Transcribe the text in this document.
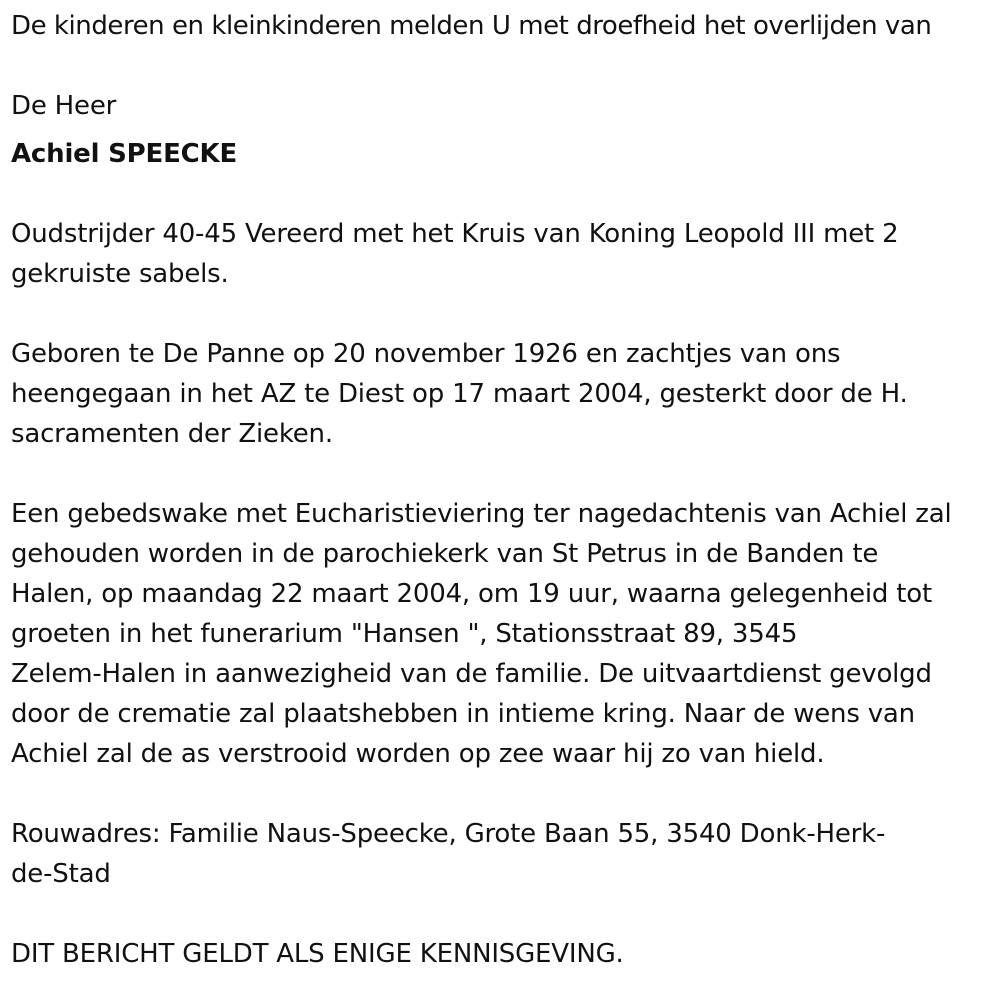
De kinderen en kleinkinderen melden U met droefheid het overlijden van

De Heer

Achiel SPEECKE

Oudstrijder 40-45 Vereerd met het Kruis van Koning Leopold III met 2

gekruiste sabels.

Geboren te De Panne op 20 november 1926 en zachtjes van ons

heengegaan in het AZ te Diest op 17 maart 2004, gesterkt door de H.

sacramenten der Zieken.

Een gebedswake met Eucharistieviering ter nagedachtenis van Achiel zal

gehouden worden in de parochiekerk van St Petrus in de Banden te

Halen, op maandag 22 maart 2004, om 19 uur, waarna gelegenheid tot

groeten in het funerarium "Hansen ", Stationsstraat 89, 3545

Zelem-Halen in aanwezigheid van de familie. De uitvaartdienst gevolgd

door de crematie zal plaatshebben in intieme kring. Naar de wens van

Achiel zal de as verstrooid worden op zee waar hij zo van hield.

Rouwadres: Familie Naus-Speecke, Grote Baan 55, 3540 Donk-Herk-

de-Stad

DIT BERICHT GELDT ALS ENIGE KENNISGEVING.
